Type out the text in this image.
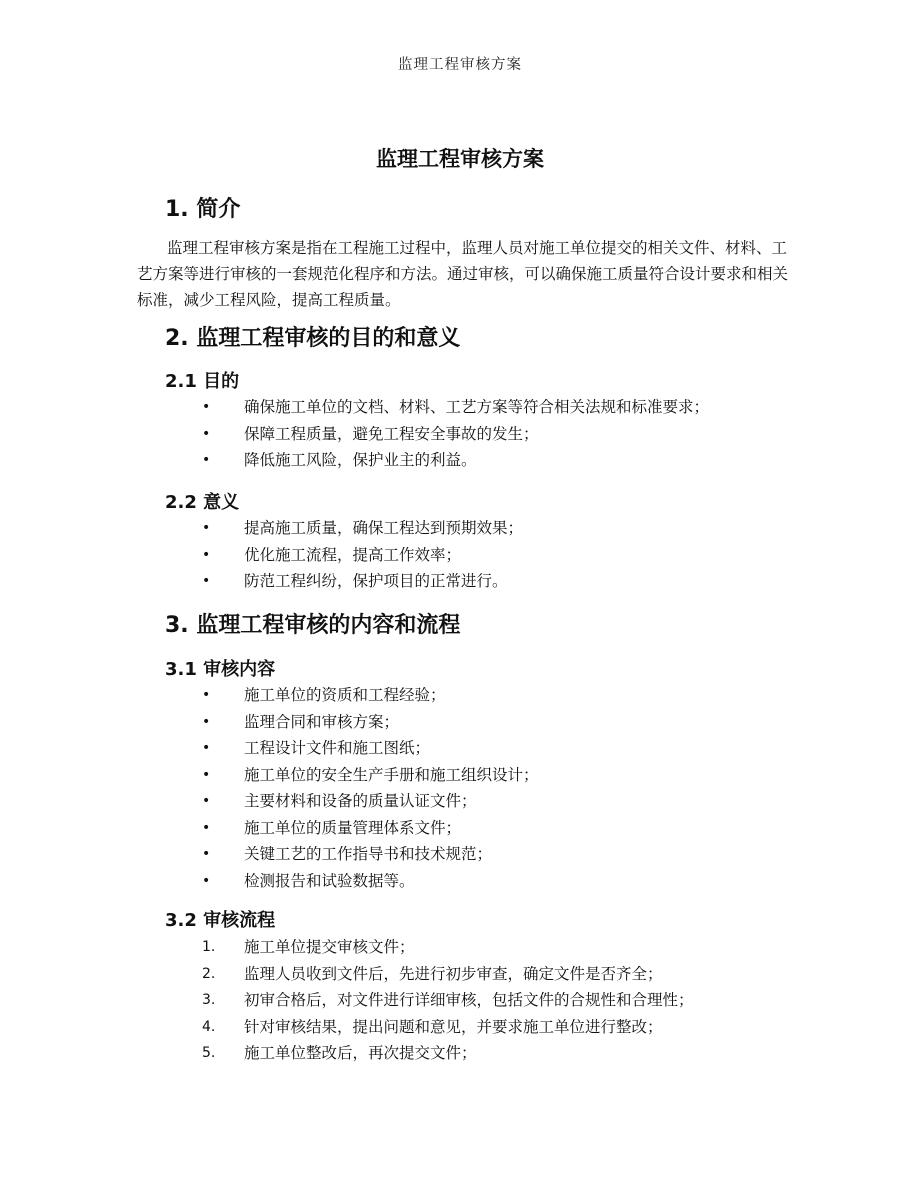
监理工程审核方案
监理工程审核方案
1. 简介
监理工程审核方案是指在工程施工过程中，监理人员对施工单位提交的相关文件、材料、工艺方案等进行审核的一套规范化程序和方法。通过审核，可以确保施工质量符合设计要求和相关标准，减少工程风险，提高工程质量。
2. 监理工程审核的目的和意义
2.1 目的
• 确保施工单位的文档、材料、工艺方案等符合相关法规和标准要求；
• 保障工程质量，避免工程安全事故的发生；
• 降低施工风险，保护业主的利益。
2.2 意义
• 提高施工质量，确保工程达到预期效果；
• 优化施工流程，提高工作效率；
• 防范工程纠纷，保护项目的正常进行。
3. 监理工程审核的内容和流程
3.1 审核内容
• 施工单位的资质和工程经验；
• 监理合同和审核方案；
• 工程设计文件和施工图纸；
• 施工单位的安全生产手册和施工组织设计；
• 主要材料和设备的质量认证文件；
• 施工单位的质量管理体系文件；
• 关键工艺的工作指导书和技术规范；
• 检测报告和试验数据等。
3.2 审核流程
1. 施工单位提交审核文件；
2. 监理人员收到文件后，先进行初步审查，确定文件是否齐全；
3. 初审合格后，对文件进行详细审核，包括文件的合规性和合理性；
4. 针对审核结果，提出问题和意见，并要求施工单位进行整改；
5. 施工单位整改后，再次提交文件；
